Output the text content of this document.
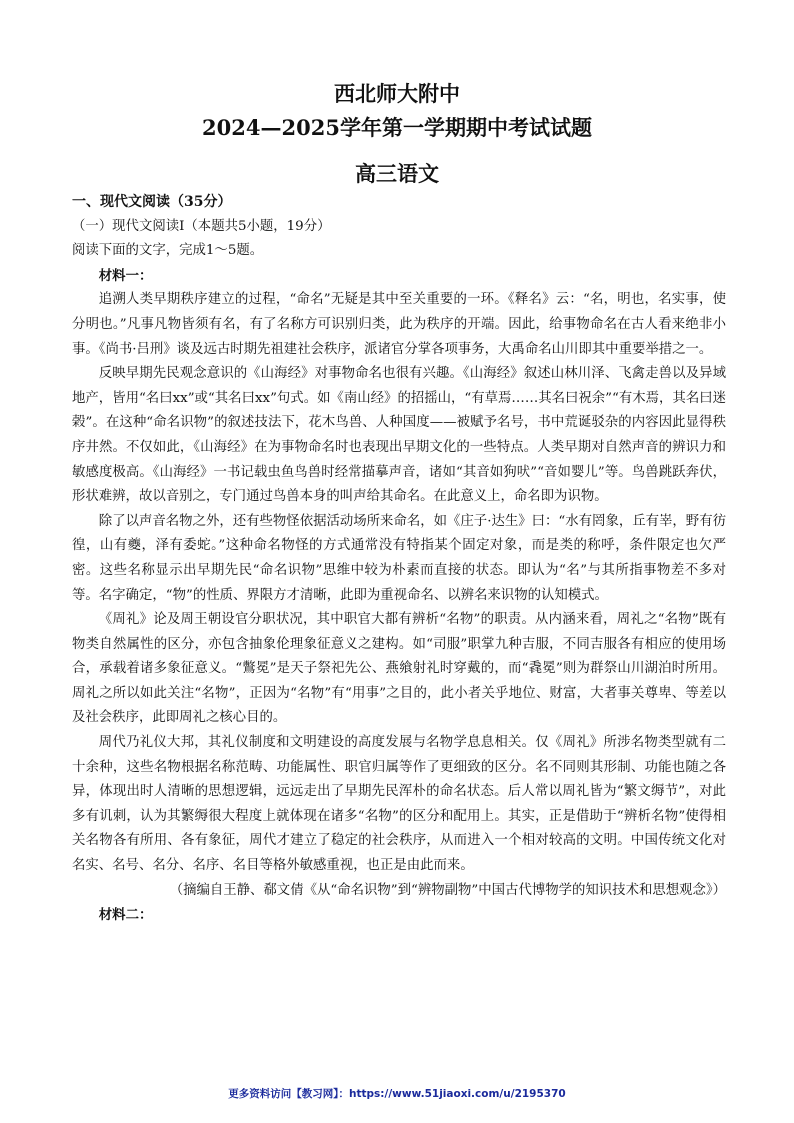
西北师大附中
2024—2025学年第一学期期中考试试题
高三语文

一、现代文阅读（35分）

（一）现代文阅读Ⅰ（本题共5小题，19分）

阅读下面的文字，完成1～5题。

材料一：

追溯人类早期秩序建立的过程，“命名”无疑是其中至关重要的一环。《释名》云：“名，明也，名实事，使分明也。”凡事凡物皆须有名，有了名称方可识别归类，此为秩序的开端。因此，给事物命名在古人看来绝非小事。《尚书·吕刑》谈及远古时期先祖建社会秩序，派诸官分掌各项事务，大禹命名山川即其中重要举措之一。

反映早期先民观念意识的《山海经》对事物命名也很有兴趣。《山海经》叙述山林川泽、飞禽走兽以及异域地产，皆用“名曰xx”或“其名曰xx”句式。如《南山经》的招摇山，“有草焉……其名曰祝余”“有木焉，其名曰迷榖”。在这种“命名识物”的叙述技法下，花木鸟兽、人种国度——被赋予名号，书中荒诞驳杂的内容因此显得秩序井然。不仅如此，《山海经》在为事物命名时也表现出早期文化的一些特点。人类早期对自然声音的辨识力和敏感度极高。《山海经》一书记载虫鱼鸟兽时经常描摹声音，诸如“其音如狗吠”“音如婴儿”等。鸟兽跳跃奔伏，形状难辨，故以音别之，专门通过鸟兽本身的叫声给其命名。在此意义上，命名即为识物。

除了以声音名物之外，还有些物怪依据活动场所来命名，如《庄子·达生》曰：“水有罔象，丘有峷，野有彷徨，山有夔，泽有委蛇。”这种命名物怪的方式通常没有特指某个固定对象，而是类的称呼，条件限定也欠严密。这些名称显示出早期先民“命名识物”思维中较为朴素而直接的状态。即认为“名”与其所指事物差不多对等。名字确定，“物”的性质、界限方才清晰，此即为重视命名、以辨名来识物的认知模式。

《周礼》论及周王朝设官分职状况，其中职官大都有辨析“名物”的职责。从内涵来看，周礼之“名物”既有物类自然属性的区分，亦包含抽象伦理象征意义之建构。如“司服”职掌九种吉服，不同吉服各有相应的使用场合，承载着诸多象征意义。“鷩冕”是天子祭祀先公、燕飨射礼时穿戴的，而“毳冕”则为群祭山川湖泊时所用。周礼之所以如此关注“名物”，正因为“名物”有“用事”之目的，此小者关乎地位、财富，大者事关尊卑、等差以及社会秩序，此即周礼之核心目的。

周代乃礼仪大邦，其礼仪制度和文明建设的高度发展与名物学息息相关。仅《周礼》所涉名物类型就有二十余种，这些名物根据名称范畴、功能属性、职官归属等作了更细致的区分。名不同则其形制、功能也随之各异，体现出时人清晰的思想逻辑，远远走出了早期先民浑朴的命名状态。后人常以周礼皆为“繁文缛节”，对此多有讥刺，认为其繁缛很大程度上就体现在诸多“名物”的区分和配用上。其实，正是借助于“辨析名物”使得相关名物各有所用、各有象征，周代才建立了稳定的社会秩序，从而进入一个相对较高的文明。中国传统文化对名实、名号、名分、名序、名目等格外敏感重视，也正是由此而来。

（摘编自王静、郗文倩《从“命名识物”到“辨物副物”中国古代博物学的知识技术和思想观念》）

材料二：

更多资料访问【教习网】：https://www.51jiaoxi.com/u/2195370
